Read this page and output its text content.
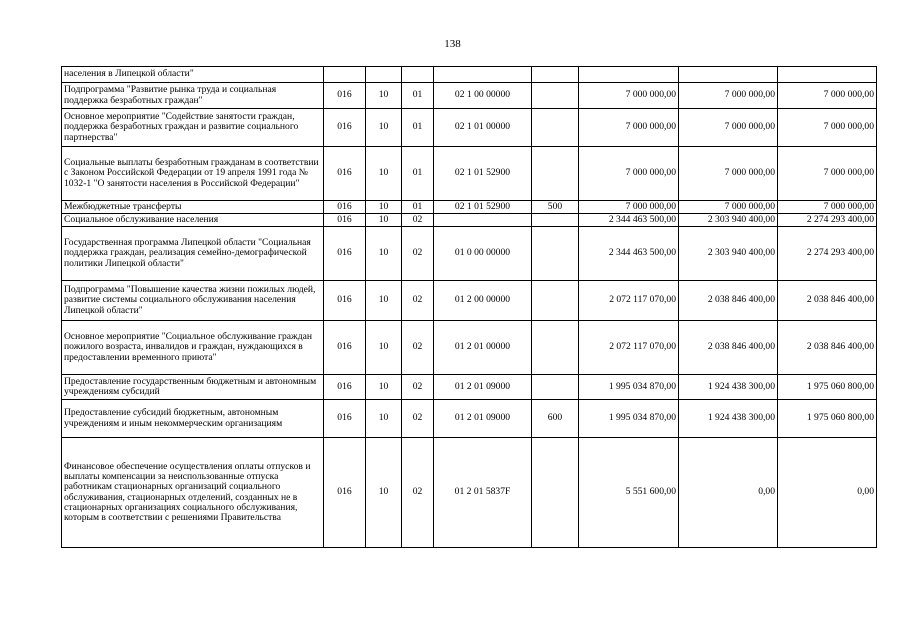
138
населения в Липецкой области"								
Подпрограмма "Развитие рынка труда и социальная поддержка безработных граждан"	016	10	01	02 1 00 00000		7 000 000,00	7 000 000,00	7 000 000,00
Основное мероприятие "Содействие занятости граждан, поддержка безработных граждан и развитие социального партнерства"	016	10	01	02 1 01 00000		7 000 000,00	7 000 000,00	7 000 000,00
Социальные выплаты безработным гражданам в соответствии с Законом Российской Федерации от 19 апреля 1991 года № 1032-1 "О занятости населения в Российской Федерации"	016	10	01	02 1 01 52900		7 000 000,00	7 000 000,00	7 000 000,00
Межбюджетные трансферты	016	10	01	02 1 01 52900	500	7 000 000,00	7 000 000,00	7 000 000,00
Социальное обслуживание населения	016	10	02			2 344 463 500,00	2 303 940 400,00	2 274 293 400,00
Государственная программа Липецкой области "Социальная поддержка граждан, реализация семейно-демографической политики Липецкой области"	016	10	02	01 0 00 00000		2 344 463 500,00	2 303 940 400,00	2 274 293 400,00
Подпрограмма "Повышение качества жизни пожилых людей, развитие системы социального обслуживания населения Липецкой области"	016	10	02	01 2 00 00000		2 072 117 070,00	2 038 846 400,00	2 038 846 400,00
Основное мероприятие "Социальное обслуживание граждан пожилого возраста, инвалидов и граждан, нуждающихся в предоставлении временного приюта"	016	10	02	01 2 01 00000		2 072 117 070,00	2 038 846 400,00	2 038 846 400,00
Предоставление государственным бюджетным и автономным учреждениям субсидий	016	10	02	01 2 01 09000		1 995 034 870,00	1 924 438 300,00	1 975 060 800,00
Предоставление субсидий бюджетным, автономным учреждениям и иным некоммерческим организациям	016	10	02	01 2 01 09000	600	1 995 034 870,00	1 924 438 300,00	1 975 060 800,00
Финансовое обеспечение осуществления оплаты отпусков и выплаты компенсации за неиспользованные отпуска работникам стационарных организаций социального обслуживания, стационарных отделений, созданных не в стационарных организациях социального обслуживания, которым в соответствии с решениями Правительства	016	10	02	01 2 01 5837F		5 551 600,00	0,00	0,00
